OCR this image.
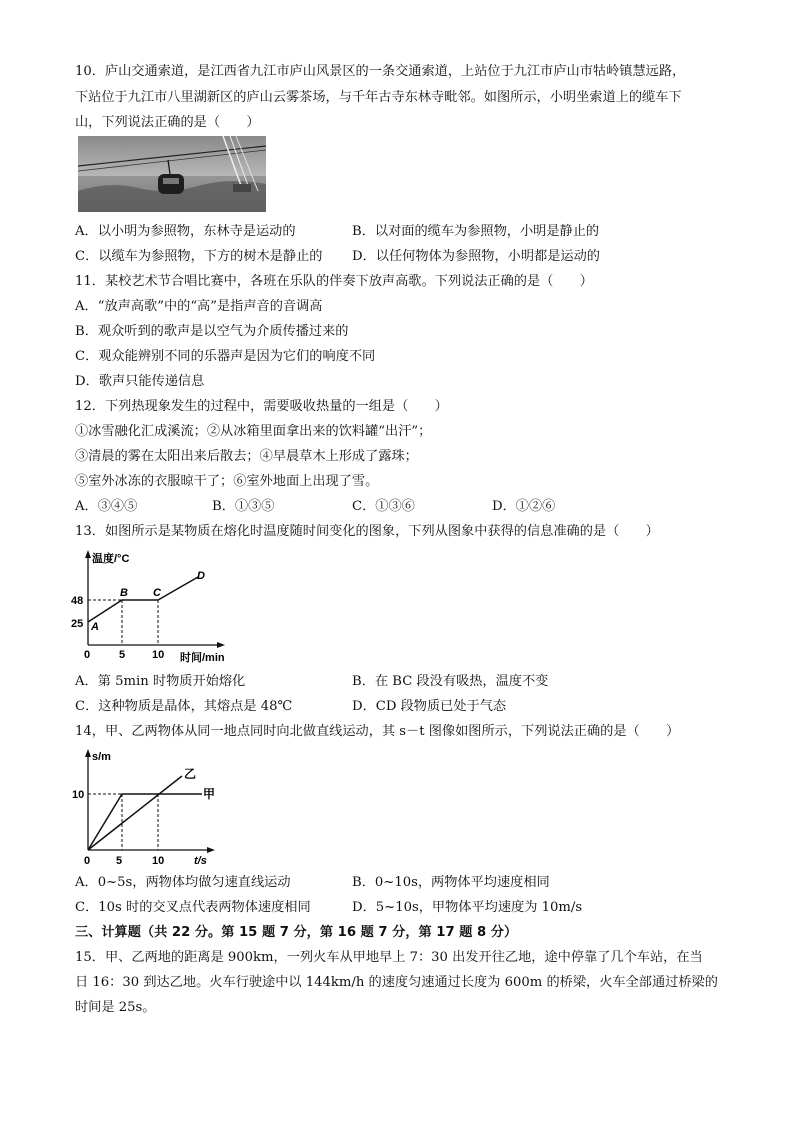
10．庐山交通索道，是江西省九江市庐山风景区的一条交通索道，上站位于九江市庐山市牯岭镇慧远路，
下站位于九江市八里湖新区的庐山云雾茶场，与千年古寺东林寺毗邻。如图所示，小明坐索道上的缆车下
山，下列说法正确的是（　　）
A．以小明为参照物，东林寺是运动的	B．以对面的缆车为参照物，小明是静止的
C．以缆车为参照物，下方的树木是静止的 D．以任何物体为参照物，小明都是运动的
11．某校艺术节合唱比赛中，各班在乐队的伴奏下放声高歌。下列说法正确的是（　　）
A．“放声高歌”中的“高”是指声音的音调高
B．观众听到的歌声是以空气为介质传播过来的
C．观众能辨别不同的乐器声是因为它们的响度不同
D．歌声只能传递信息
12．下列热现象发生的过程中，需要吸收热量的一组是（　　）
①冰雪融化汇成溪流；②从冰箱里面拿出来的饮料罐“出汗”；
③清晨的雾在太阳出来后散去；④早晨草木上形成了露珠；
⑤室外冰冻的衣服晾干了；⑥室外地面上出现了雪。
A．③④⑤	B．①③⑤	C．①③⑥	D．①②⑥
13．如图所示是某物质在熔化时温度随时间变化的图象，下列从图象中获得的信息准确的是（　　）
温度/°C
时间/min
0
48
25
5 10
A
B C
D
A．第 5min 时物质开始熔化	B．在 BC 段没有吸热，温度不变
C．这种物质是晶体，其熔点是 48℃	D．CD 段物质已处于气态
14，甲、乙两物体从同一地点同时向北做直线运动，其 s－t 图像如图所示，下列说法正确的是（　　）
s/m
t/s
0
10
5	10
乙
甲
A．0~5s，两物体均做匀速直线运动	B．0~10s，两物体平均速度相同
C．10s 时的交叉点代表两物体速度相同	D．5~10s，甲物体平均速度为 10m/s
三、计算题（共 22 分。第 15 题 7 分，第 16 题 7 分，第 17 题 8 分）
15．甲、乙两地的距离是 900km，一列火车从甲地早上 7：30 出发开往乙地，途中停靠了几个车站，在当
日 16：30 到达乙地。火车行驶途中以 144km/h 的速度匀速通过长度为 600m 的桥梁，火车全部通过桥梁的
时间是 25s。
